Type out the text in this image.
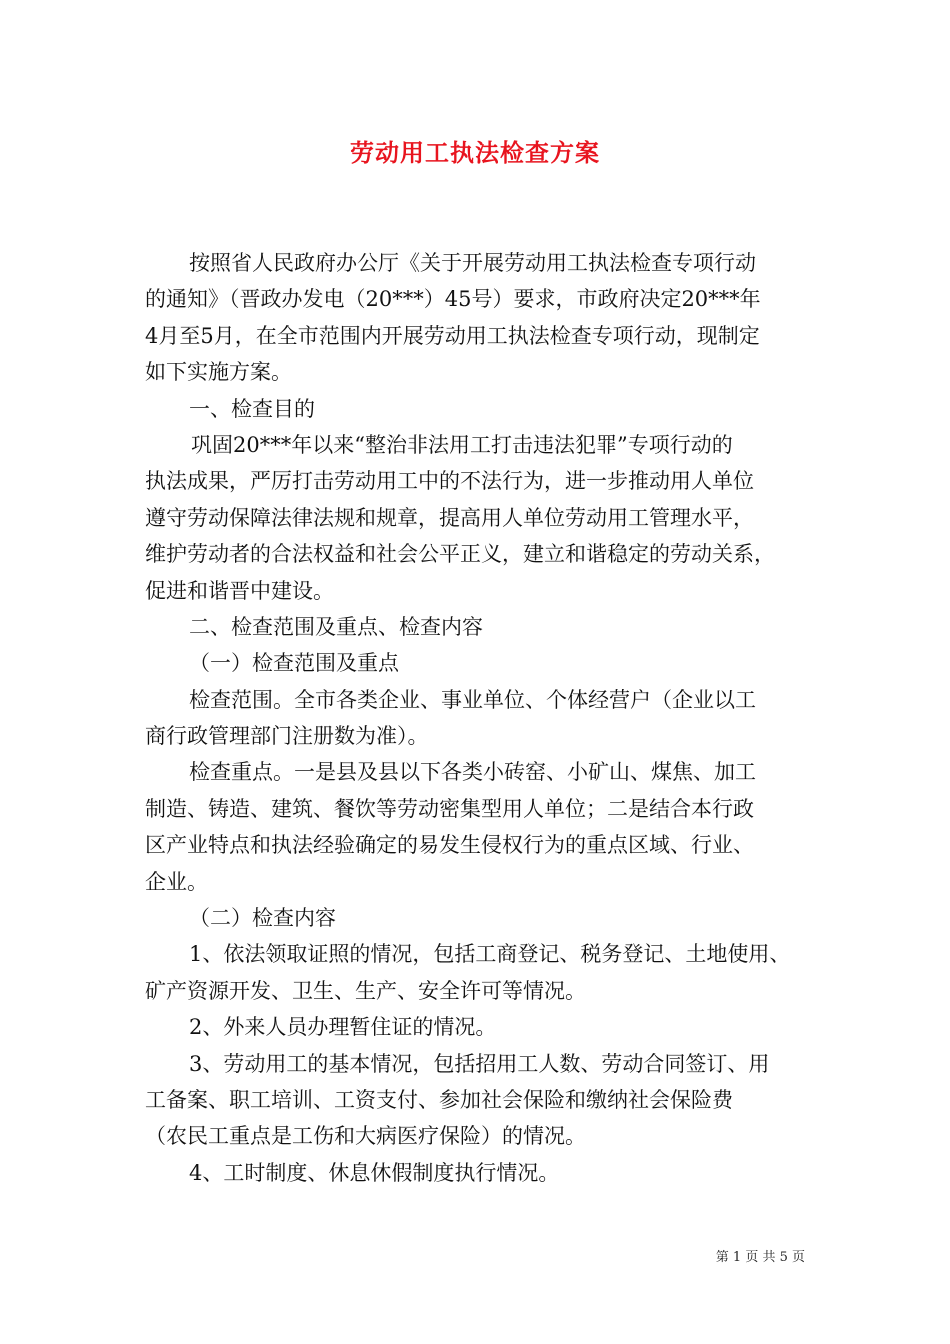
劳动用工执法检查方案
按照省人民政府办公厅《关于开展劳动用工执法检查专项行动
的通知》（晋政办发电（20***）45号）要求，市政府决定20***年
4月至5月，在全市范围内开展劳动用工执法检查专项行动，现制定
如下实施方案。
一、检查目的
巩固20***年以来“整治非法用工打击违法犯罪”专项行动的
执法成果，严厉打击劳动用工中的不法行为，进一步推动用人单位
遵守劳动保障法律法规和规章，提高用人单位劳动用工管理水平，
维护劳动者的合法权益和社会公平正义，建立和谐稳定的劳动关系，
促进和谐晋中建设。
二、检查范围及重点、检查内容
（一）检查范围及重点
检查范围。全市各类企业、事业单位、个体经营户（企业以工
商行政管理部门注册数为准）。
检查重点。一是县及县以下各类小砖窑、小矿山、煤焦、加工
制造、铸造、建筑、餐饮等劳动密集型用人单位；二是结合本行政
区产业特点和执法经验确定的易发生侵权行为的重点区域、行业、
企业。
（二）检查内容
1、依法领取证照的情况，包括工商登记、税务登记、土地使用、
矿产资源开发、卫生、生产、安全许可等情况。
2、外来人员办理暂住证的情况。
3、劳动用工的基本情况，包括招用工人数、劳动合同签订、用
工备案、职工培训、工资支付、参加社会保险和缴纳社会保险费
（农民工重点是工伤和大病医疗保险）的情况。
4、工时制度、休息休假制度执行情况。
第 1 页 共 5 页
